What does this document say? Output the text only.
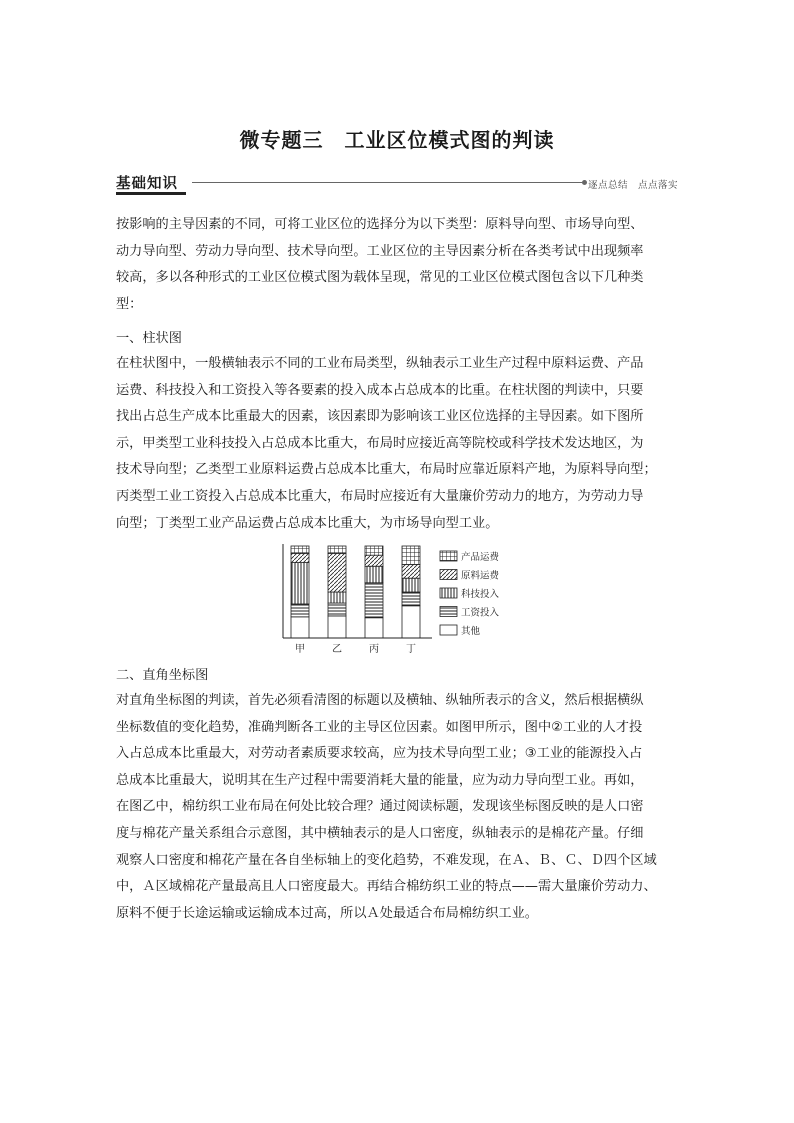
微专题三　工业区位模式图的判读
基础知识	逐点总结　点点落实
按影响的主导因素的不同，可将工业区位的选择分为以下类型：原料导向型、市场导向型、
动力导向型、劳动力导向型、技术导向型。工业区位的主导因素分析在各类考试中出现频率
较高，多以各种形式的工业区位模式图为载体呈现，常见的工业区位模式图包含以下几种类
型：
一、柱状图
在柱状图中，一般横轴表示不同的工业布局类型，纵轴表示工业生产过程中原料运费、产品
运费、科技投入和工资投入等各要素的投入成本占总成本的比重。在柱状图的判读中，只要
找出占总生产成本比重最大的因素，该因素即为影响该工业区位选择的主导因素。如下图所
示，甲类型工业科技投入占总成本比重大，布局时应接近高等院校或科学技术发达地区，为
技术导向型；乙类型工业原料运费占总成本比重大，布局时应靠近原料产地，为原料导向型；
丙类型工业工资投入占总成本比重大，布局时应接近有大量廉价劳动力的地方，为劳动力导
向型；丁类型工业产品运费占总成本比重大，为市场导向型工业。
甲	乙	丙	丁
产品运费
原料运费
科技投入
工资投入
其他
二、直角坐标图
对直角坐标图的判读，首先必须看清图的标题以及横轴、纵轴所表示的含义，然后根据横纵
坐标数值的变化趋势，准确判断各工业的主导区位因素。如图甲所示，图中②工业的人才投
入占总成本比重最大，对劳动者素质要求较高，应为技术导向型工业；③工业的能源投入占
总成本比重最大，说明其在生产过程中需要消耗大量的能量，应为动力导向型工业。再如，
在图乙中，棉纺织工业布局在何处比较合理？通过阅读标题，发现该坐标图反映的是人口密
度与棉花产量关系组合示意图，其中横轴表示的是人口密度，纵轴表示的是棉花产量。仔细
观察人口密度和棉花产量在各自坐标轴上的变化趋势，不难发现，在Ａ、Ｂ、Ｃ、Ｄ四个区域
中，Ａ区域棉花产量最高且人口密度最大。再结合棉纺织工业的特点——需大量廉价劳动力、
原料不便于长途运输或运输成本过高，所以Ａ处最适合布局棉纺织工业。
